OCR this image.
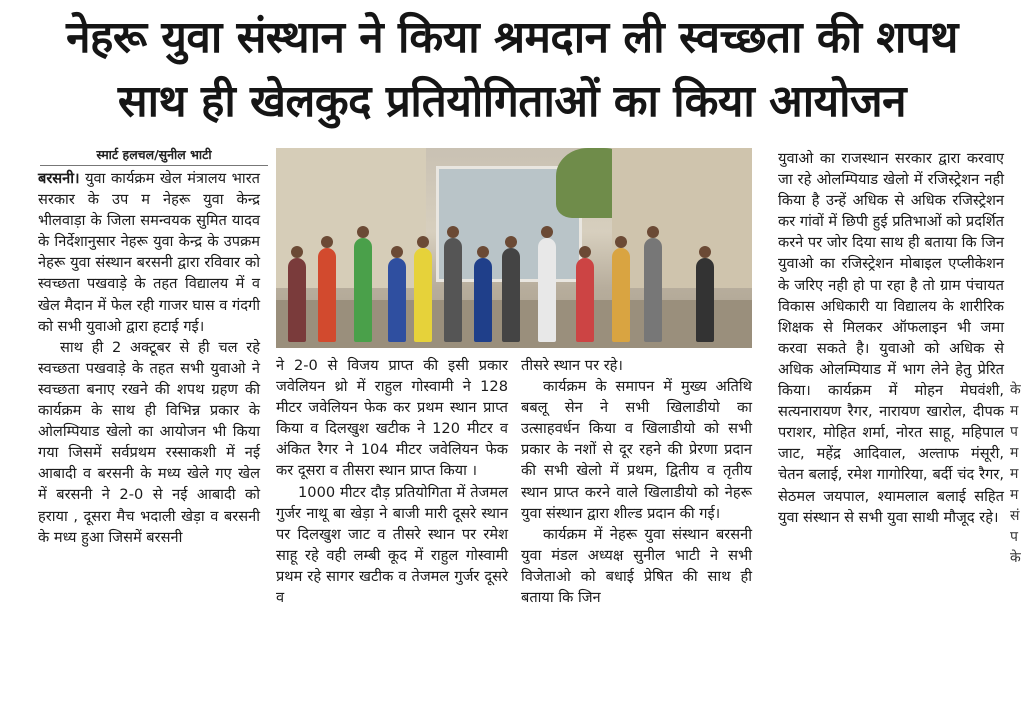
नेहरू युवा संस्थान ने किया श्रमदान ली स्वच्छता की शपथ
साथ ही खेलकुद प्रतियोगिताओं का किया आयोजन
स्मार्ट हलचल/सुनील भाटी

बरसनी। युवा कार्यक्रम खेल मंत्रालय भारत सरकार के उप म नेहरू युवा केन्द्र भीलवाड़ा के जिला समन्वयक सुमित यादव के निर्देशानुसार नेहरू युवा केन्द्र के उपक्रम नेहरू युवा संस्थान बरसनी द्वारा रविवार को स्वच्छता पखवाड़े के तहत विद्यालय में व खेल मैदान में फेल रही गाजर घास व गंदगी को सभी युवाओ द्वारा हटाई गई।

साथ ही 2 अक्टूबर से ही चल रहे स्वच्छता पखवाड़े के तहत सभी युवाओ ने स्वच्छता बनाए रखने की शपथ ग्रहण की कार्यक्रम के साथ ही विभिन्न प्रकार के ओलम्पियाड खेलो का आयोजन भी किया गया जिसमें सर्वप्रथम रस्साकशी में नई आबादी व बरसनी के मध्य खेले गए खेल में बरसनी ने 2-0 से नई आबादी को हराया , दूसरा मैच भदाली खेड़ा व बरसनी के मध्य हुआ जिसमें बरसनी

ने 2-0 से विजय प्राप्त की इसी प्रकार जवेलियन थ्रो में राहुल गोस्वामी ने 128 मीटर जवेलियन फेक कर प्रथम स्थान प्राप्त किया व दिलखुश खटीक ने 120 मीटर व अंकित रैगर ने 104 मीटर जवेलियन फेक कर दूसरा व तीसरा स्थान प्राप्त किया ।

1000 मीटर दौड़ प्रतियोगिता में तेजमल गुर्जर नाथू बा खेड़ा ने बाजी मारी दूसरे स्थान पर दिलखुश जाट व तीसरे स्थान पर रमेश साहू रहे वही लम्बी कूद में राहुल गोस्वामी प्रथम रहे सागर खटीक व तेजमल गुर्जर दूसरे व

तीसरे स्थान पर रहे।

कार्यक्रम के समापन में मुख्य अतिथि बबलू सेन ने सभी खिलाडीयो का उत्साहवर्धन किया व खिलाडीयो को सभी प्रकार के नशों से दूर रहने की प्रेरणा प्रदान की सभी खेलो में प्रथम, द्वितीय व तृतीय स्थान प्राप्त करने वाले खिलाडीयो को नेहरू युवा संस्थान द्वारा शील्ड प्रदान की गई।

कार्यक्रम में नेहरू युवा संस्थान बरसनी युवा मंडल अध्यक्ष सुनील भाटी ने सभी विजेताओ को बधाई प्रेषित की साथ ही बताया कि जिन

युवाओ का राजस्थान सरकार द्वारा करवाए जा रहे ओलम्पियाड खेलो में रजिस्ट्रेशन नही किया है उन्हें अधिक से अधिक रजिस्ट्रेशन कर गांवों में छिपी हुई प्रतिभाओं को प्रदर्शित करने पर जोर दिया साथ ही बताया कि जिन युवाओ का रजिस्ट्रेशन मोबाइल एप्लीकेशन के जरिए नही हो पा रहा है तो ग्राम पंचायत विकास अधिकारी या विद्यालय के शारीरिक शिक्षक से मिलकर ऑफलाइन भी जमा करवा सकते है। युवाओ को अधिक से अधिक ओलम्पियाड में भाग लेने हेतु प्रेरित किया। कार्यक्रम में मोहन मेघवंशी, सत्यनारायण रैगर, नारायण खारोल, दीपक पराशर, मोहित शर्मा, नोरत साहू, महिपाल जाट, महेंद्र आदिवाल, अल्ताफ मंसूरी, चेतन बलाई, रमेश गागोरिया, बर्दी चंद रैगर, सेठमल जयपाल, श्यामलाल बलाई सहित युवा संस्थान से सभी युवा साथी मौजूद रहे।

के म प म म म सं प के
